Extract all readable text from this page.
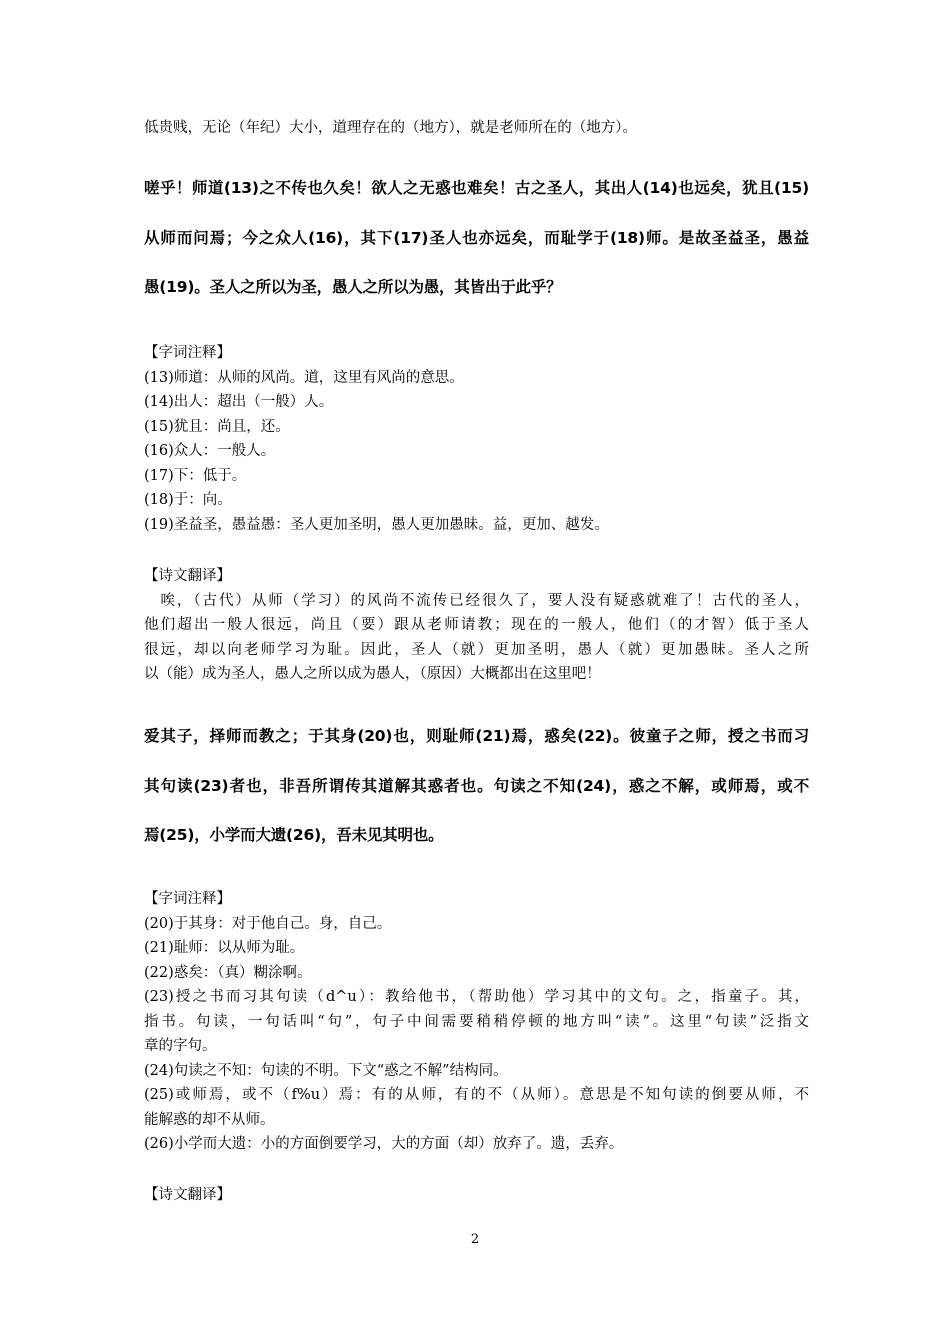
低贵贱，无论（年纪）大小，道理存在的（地方），就是老师所在的（地方）。
嗟乎！师道(13)之不传也久矣！欲人之无惑也难矣！古之圣人，其出人(14)也远矣，犹且(15)
从师而问焉；今之众人(16)，其下(17)圣人也亦远矣，而耻学于(18)师。是故圣益圣，愚益
愚(19)。圣人之所以为圣，愚人之所以为愚，其皆出于此乎？
【字词注释】
(13)师道：从师的风尚。道，这里有风尚的意思。
(14)出人：超出（一般）人。
(15)犹且：尚且，还。
(16)众人：一般人。
(17)下：低于。
(18)于：向。
(19)圣益圣，愚益愚：圣人更加圣明，愚人更加愚昧。益，更加、越发。
【诗文翻译】
　唉，（古代）从师（学习）的风尚不流传已经很久了，要人没有疑惑就难了！古代的圣人，
他们超出一般人很远，尚且（要）跟从老师请教；现在的一般人，他们（的才智）低于圣人
很远，却以向老师学习为耻。因此，圣人（就）更加圣明，愚人（就）更加愚昧。圣人之所
以（能）成为圣人，愚人之所以成为愚人，（原因）大概都出在这里吧！
爱其子，择师而教之；于其身(20)也，则耻师(21)焉，惑矣(22)。彼童子之师，授之书而习
其句读(23)者也，非吾所谓传其道解其惑者也。句读之不知(24)，惑之不解，或师焉，或不
焉(25)，小学而大遗(26)，吾未见其明也。
【字词注释】
(20)于其身：对于他自己。身，自己。
(21)耻师：以从师为耻。
(22)惑矣：（真）糊涂啊。
(23)授之书而习其句读（d^u）：教给他书，（帮助他）学习其中的文句。之，指童子。其，
指书。句读，一句话叫“句”，句子中间需要稍稍停顿的地方叫“读”。这里“句读”泛指文
章的字句。
(24)句读之不知：句读的不明。下文“惑之不解”结构同。
(25)或师焉，或不（f%u）焉：有的从师，有的不（从师）。意思是不知句读的倒要从师，不
能解惑的却不从师。
(26)小学而大遗：小的方面倒要学习，大的方面（却）放弃了。遗，丢弃。
【诗文翻译】
2
